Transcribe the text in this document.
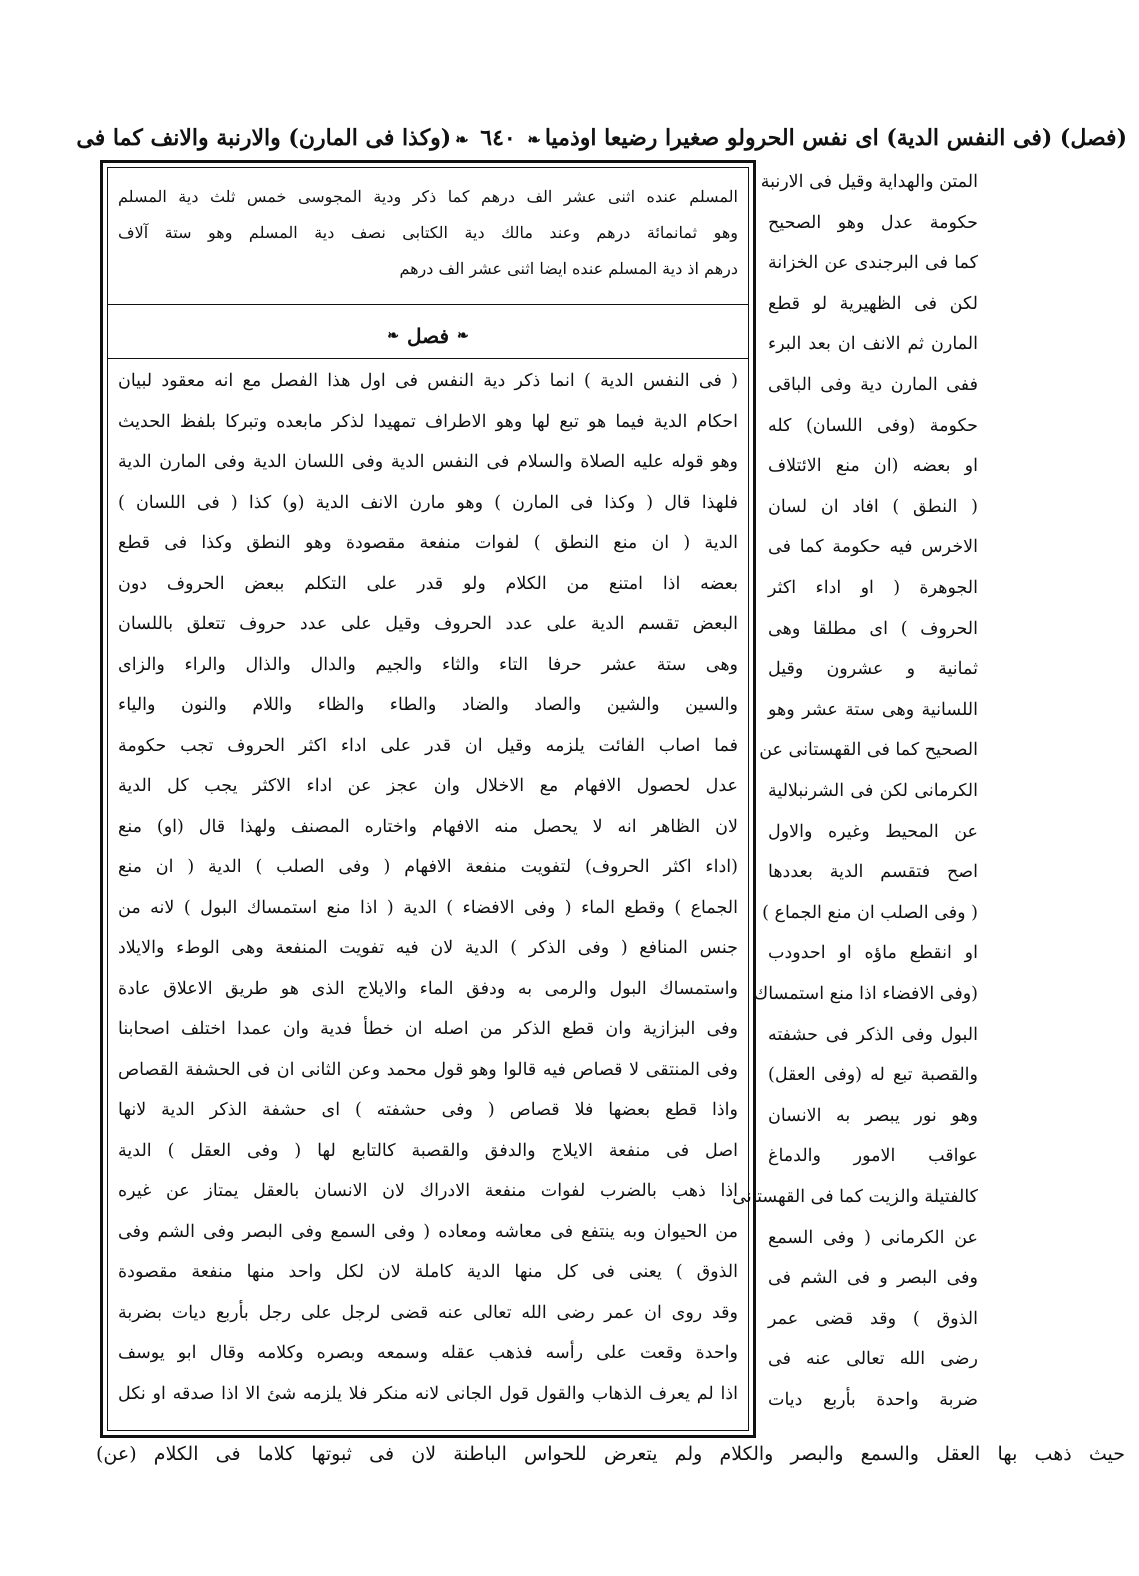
(فصل) (فى النفس الدية) اى نفس الحرولو صغيرا رضيعا اوذميا
❧ ٦٤٠ ❧
(وكذا فى المارن) والارنبة والانف كما فى
المسلم عنده اثنى عشر الف درهم كما ذكر ودية المجوسى خمس ثلث دية المسلم
وهو ثمانمائة درهم وعند مالك دية الكتابى نصف دية المسلم وهو ستة آلاف
درهم اذ دية المسلم عنده ايضا اثنى عشر الف درهم
❧
فصل
❧
( فى النفس الدية ) انما ذكر دية النفس فى اول هذا الفصل مع انه معقود لبيان
احكام الدية فيما هو تبع لها وهو الاطراف تمهيدا لذكر مابعده وتبركا بلفظ الحديث
وهو قوله عليه الصلاة والسلام فى النفس الدية وفى اللسان الدية وفى المارن الدية
فلهذا قال ( وكذا فى المارن ) وهو مارن الانف الدية (و) كذا ( فى اللسان )
الدية ( ان منع النطق ) لفوات منفعة مقصودة وهو النطق وكذا فى قطع
بعضه اذا امتنع من الكلام ولو قدر على التكلم ببعض الحروف دون
البعض تقسم الدية على عدد الحروف وقيل على عدد حروف تتعلق باللسان
وهى ستة عشر حرفا التاء والثاء والجيم والدال والذال والراء والزاى
والسين والشين والصاد والضاد والطاء والظاء واللام والنون والياء
فما اصاب الفائت يلزمه وقيل ان قدر على اداء اكثر الحروف تجب حكومة
عدل لحصول الافهام مع الاخلال وان عجز عن اداء الاكثر يجب كل الدية
لان الظاهر انه لا يحصل منه الافهام واختاره المصنف ولهذا قال (او) منع
(اداء اكثر الحروف) لتفويت منفعة الافهام ( وفى الصلب ) الدية ( ان منع
الجماع ) وقطع الماء ( وفى الافضاء ) الدية ( اذا منع استمساك البول ) لانه من
جنس المنافع ( وفى الذكر ) الدية لان فيه تفويت المنفعة وهى الوطء والايلاد
واستمساك البول والرمى به ودفق الماء والايلاج الذى هو طريق الاعلاق عادة
وفى البزازية وان قطع الذكر من اصله ان خطأ فدية وان عمدا اختلف اصحابنا
وفى المنتقى لا قصاص فيه قالوا وهو قول محمد وعن الثانى ان فى الحشفة القصاص
واذا قطع بعضها فلا قصاص ( وفى حشفته ) اى حشفة الذكر الدية لانها
اصل فى منفعة الايلاج والدفق والقصبة كالتابع لها ( وفى العقل ) الدية
اذا ذهب بالضرب لفوات منفعة الادراك لان الانسان بالعقل يمتاز عن غيره
من الحيوان وبه ينتفع فى معاشه ومعاده ( وفى السمع وفى البصر وفى الشم وفى
الذوق ) يعنى فى كل منها الدية كاملة لان لكل واحد منها منفعة مقصودة
وقد روى ان عمر رضى الله تعالى عنه قضى لرجل على رجل بأربع ديات بضربة
واحدة وقعت على رأسه فذهب عقله وسمعه وبصره وكلامه وقال ابو يوسف
اذا لم يعرف الذهاب والقول قول الجانى لانه منكر فلا يلزمه شئ الا اذا صدقه او نكل
المتن والهداية وقيل فى الارنبة
حكومة عدل وهو الصحيح
كما فى البرجندى عن الخزانة
لكن فى الظهيرية لو قطع
المارن ثم الانف ان بعد البرء
ففى المارن دية وفى الباقى
حكومة (وفى اللسان) كله
او بعضه (ان منع الائتلاف
( النطق ) افاد ان لسان
الاخرس فيه حكومة كما فى
الجوهرة ( او اداء اكثر
الحروف ) اى مطلقا وهى
ثمانية و عشرون وقيل
اللسانية وهى ستة عشر وهو
الصحيح كما فى القهستانى عن
الكرمانى لكن فى الشرنبلالية
عن المحيط وغيره والاول
اصح فتقسم الدية بعددها
( وفى الصلب ان منع الجماع )
او انقطع ماؤه او احدودب
(وفى الافضاء اذا منع استمساك
البول وفى الذكر فى حشفته
والقصبة تبع له (وفى العقل)
وهو نور يبصر به الانسان
عواقب الامور والدماغ
كالفتيلة والزيت كما فى القهستانى
عن الكرمانى ( وفى السمع
وفى البصر و فى الشم فى
الذوق ) وقد قضى عمر
رضى الله تعالى عنه فى
ضربة واحدة بأربع ديات
حيث ذهب بها العقل والسمع والبصر والكلام ولم يتعرض للحواس الباطنة لان فى ثبوتها كلاما فى الكلام (عن)
